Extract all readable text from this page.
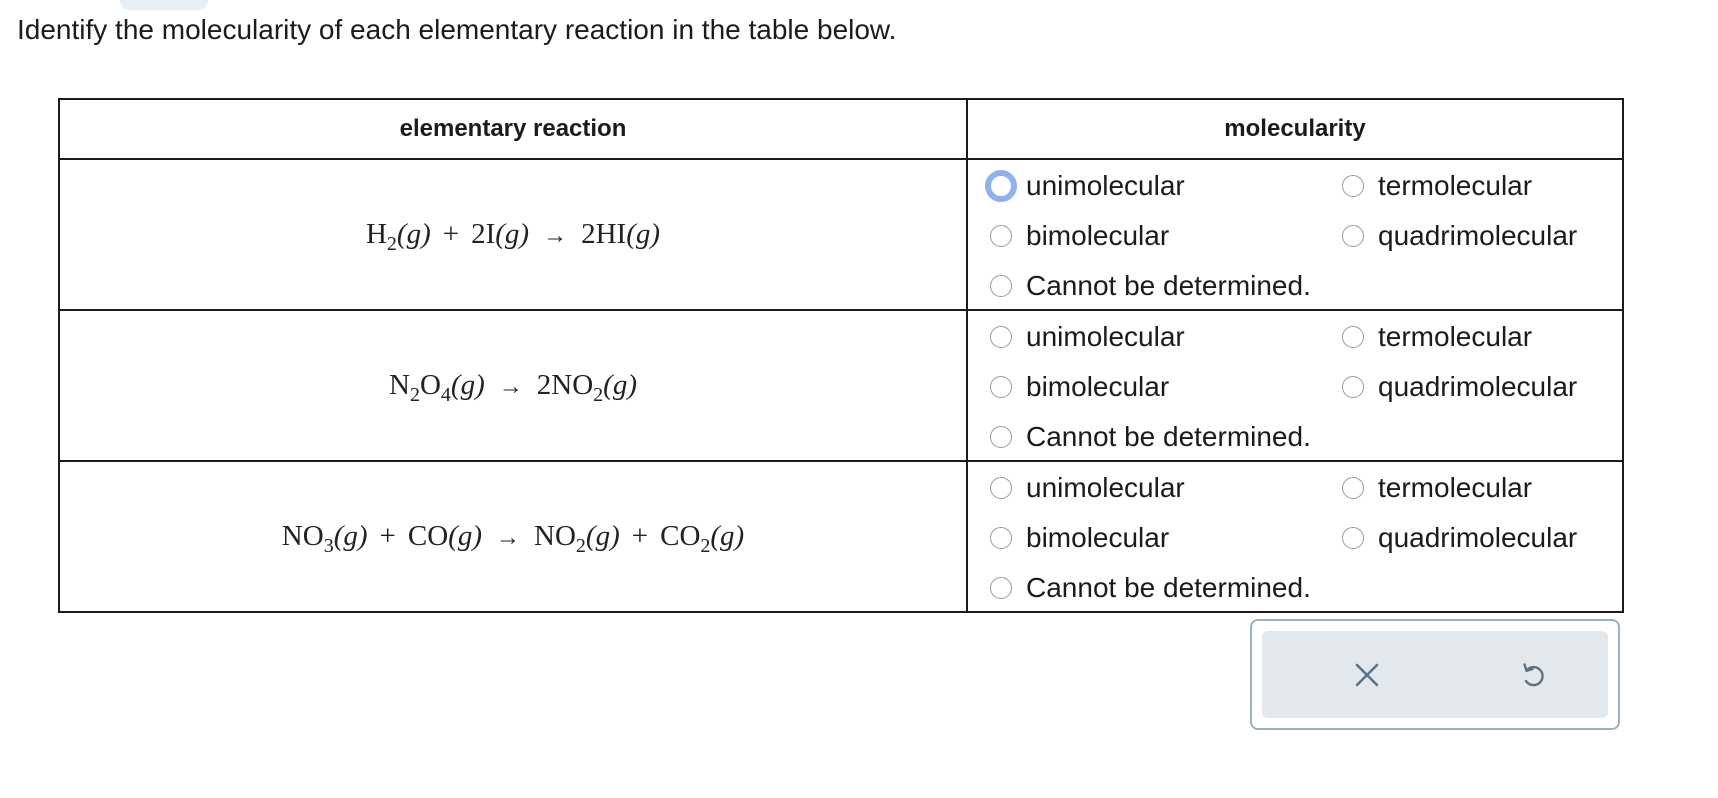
Identify the molecularity of each elementary reaction in the table below.
elementary reaction	molecularity
$H_2(g) + 2I(g) \to 2HI(g)$	unimolecular
bimolecular
Cannot be determined.
termolecular
quadrimolecular

$N_2O_4(g) \to 2NO_2(g)$	unimolecular
bimolecular
Cannot be determined.
termolecular
quadrimolecular

$NO_3(g) + CO(g) \to NO_2(g) + CO_2(g)$	unimolecular
bimolecular
Cannot be determined.
termolecular
quadrimolecular
